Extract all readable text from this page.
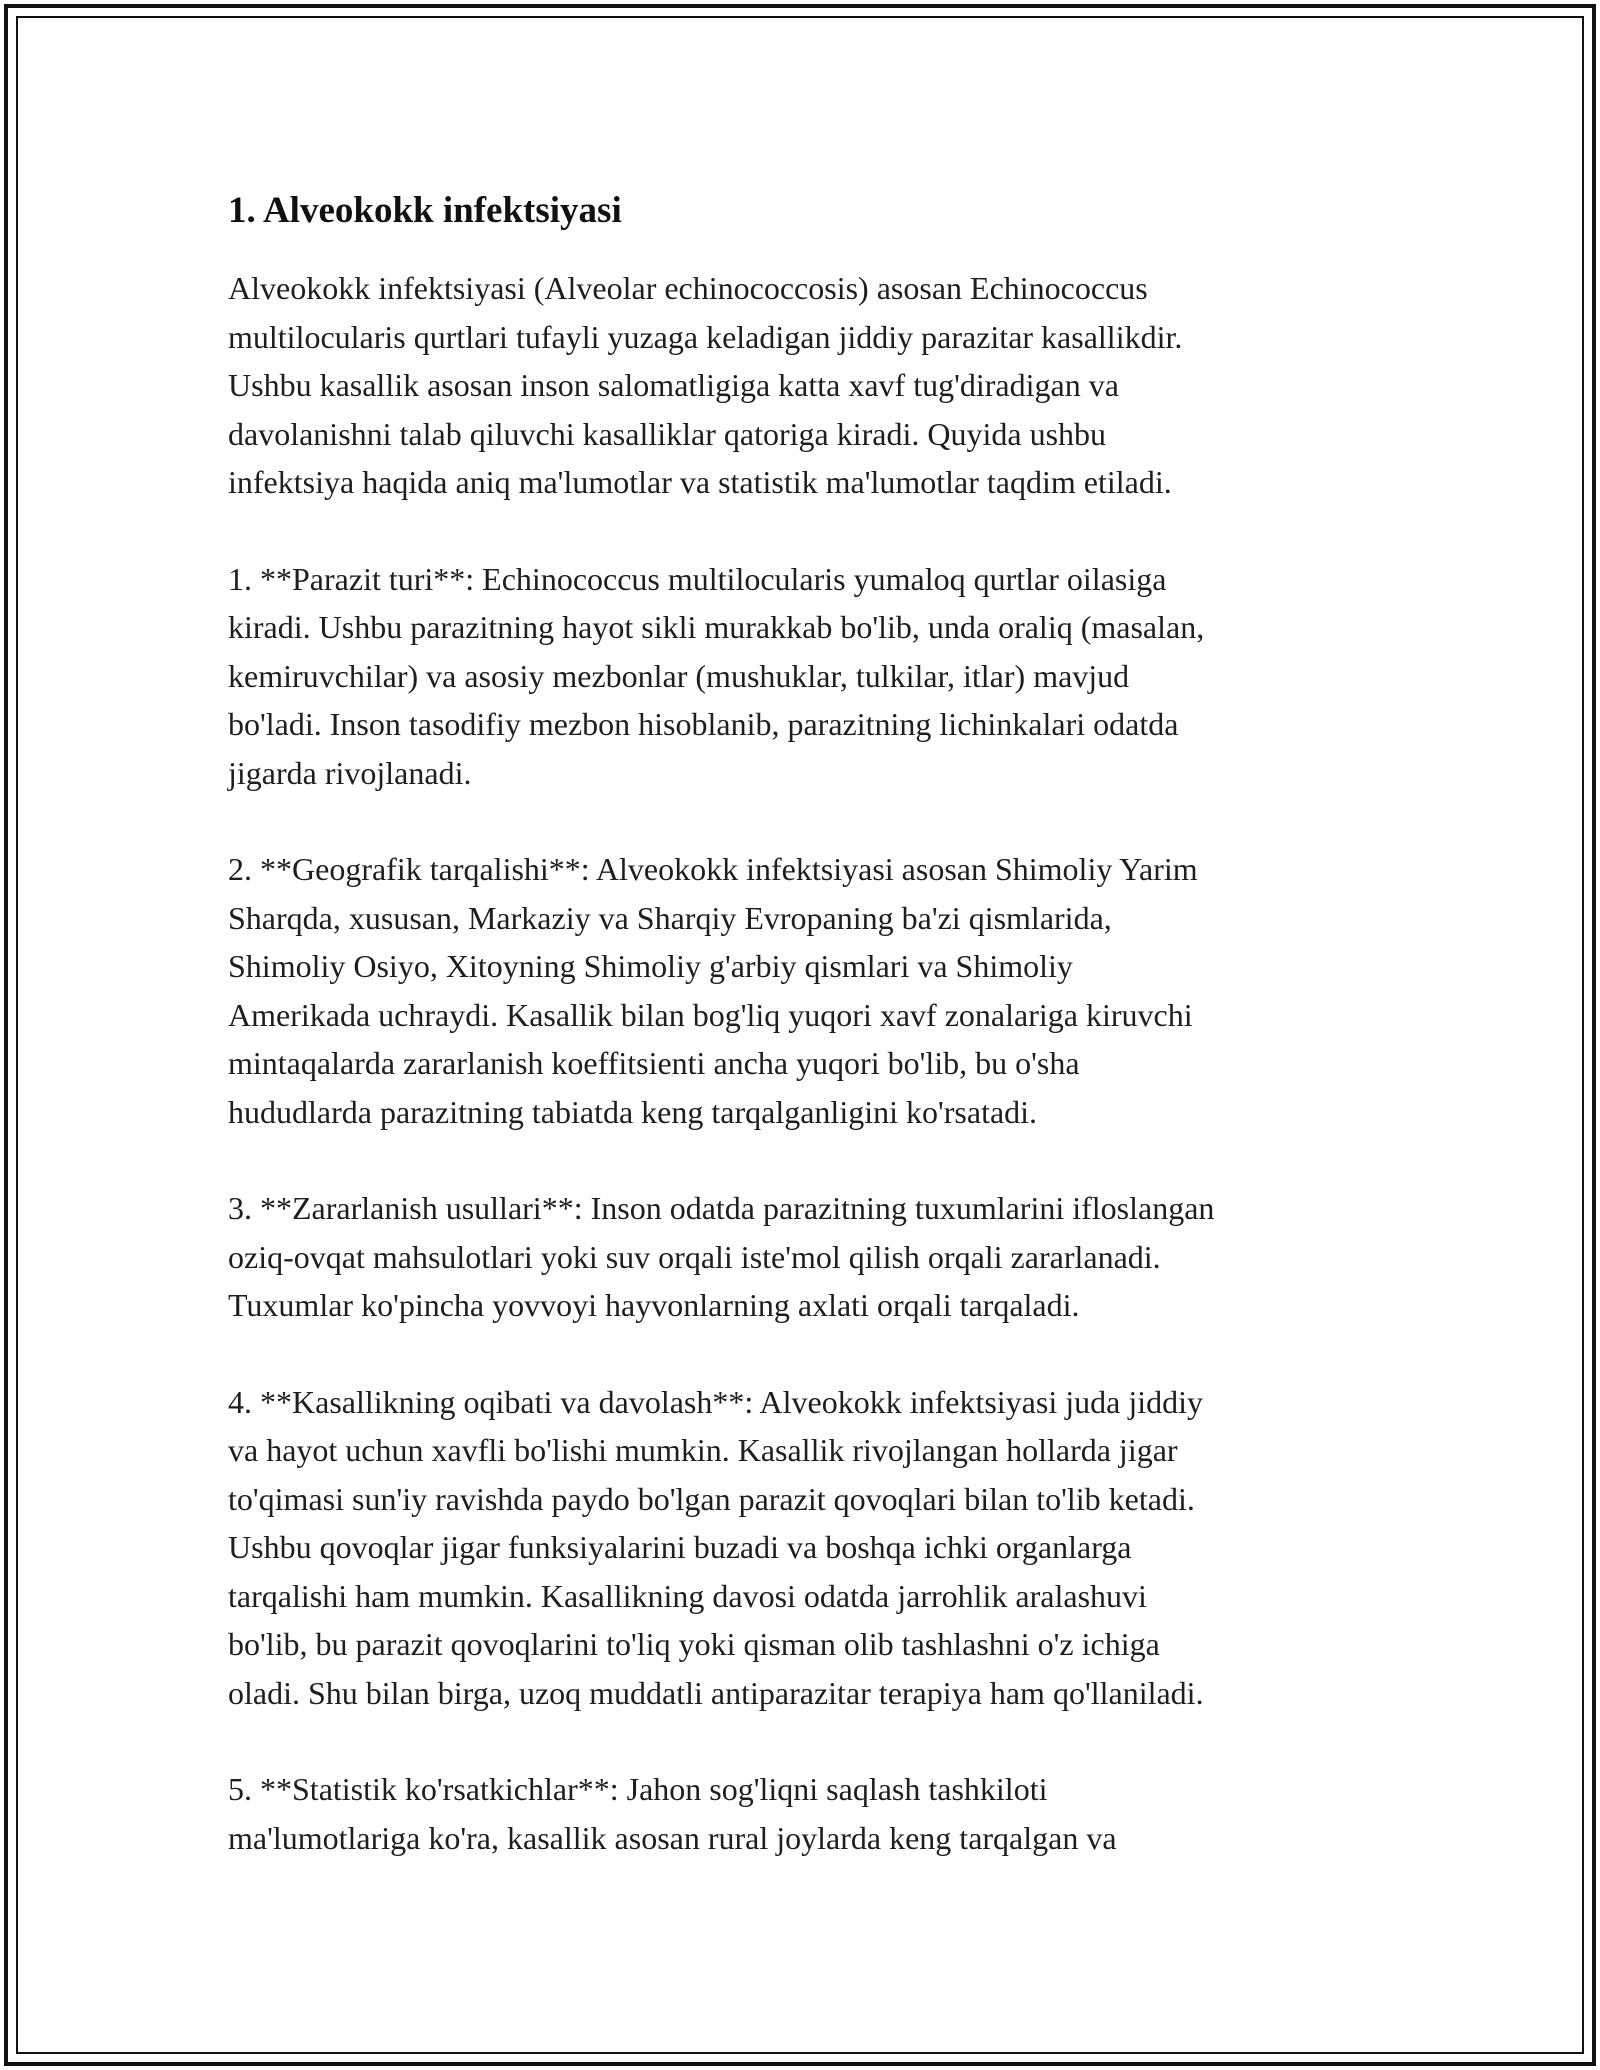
1. Alveokokk infektsiyasi

Alveokokk infektsiyasi (Alveolar echinococcosis) asosan Echinococcus
multilocularis qurtlari tufayli yuzaga keladigan jiddiy parazitar kasallikdir.
Ushbu kasallik asosan inson salomatligiga katta xavf tug'diradigan va
davolanishni talab qiluvchi kasalliklar qatoriga kiradi. Quyida ushbu
infektsiya haqida aniq ma'lumotlar va statistik ma'lumotlar taqdim etiladi.

1. **Parazit turi**: Echinococcus multilocularis yumaloq qurtlar oilasiga
kiradi. Ushbu parazitning hayot sikli murakkab bo'lib, unda oraliq (masalan,
kemiruvchilar) va asosiy mezbonlar (mushuklar, tulkilar, itlar) mavjud
bo'ladi. Inson tasodifiy mezbon hisoblanib, parazitning lichinkalari odatda
jigarda rivojlanadi.

2. **Geografik tarqalishi**: Alveokokk infektsiyasi asosan Shimoliy Yarim
Sharqda, xususan, Markaziy va Sharqiy Evropaning ba'zi qismlarida,
Shimoliy Osiyo, Xitoyning Shimoliy g'arbiy qismlari va Shimoliy
Amerikada uchraydi. Kasallik bilan bog'liq yuqori xavf zonalariga kiruvchi
mintaqalarda zararlanish koeffitsienti ancha yuqori bo'lib, bu o'sha
hududlarda parazitning tabiatda keng tarqalganligini ko'rsatadi.

3. **Zararlanish usullari**: Inson odatda parazitning tuxumlarini ifloslangan
oziq-ovqat mahsulotlari yoki suv orqali iste'mol qilish orqali zararlanadi.
Tuxumlar ko'pincha yovvoyi hayvonlarning axlati orqali tarqaladi.

4. **Kasallikning oqibati va davolash**: Alveokokk infektsiyasi juda jiddiy
va hayot uchun xavfli bo'lishi mumkin. Kasallik rivojlangan hollarda jigar
to'qimasi sun'iy ravishda paydo bo'lgan parazit qovoqlari bilan to'lib ketadi.
Ushbu qovoqlar jigar funksiyalarini buzadi va boshqa ichki organlarga
tarqalishi ham mumkin. Kasallikning davosi odatda jarrohlik aralashuvi
bo'lib, bu parazit qovoqlarini to'liq yoki qisman olib tashlashni o'z ichiga
oladi. Shu bilan birga, uzoq muddatli antiparazitar terapiya ham qo'llaniladi.

5. **Statistik ko'rsatkichlar**: Jahon sog'liqni saqlash tashkiloti
ma'lumotlariga ko'ra, kasallik asosan rural joylarda keng tarqalgan va
